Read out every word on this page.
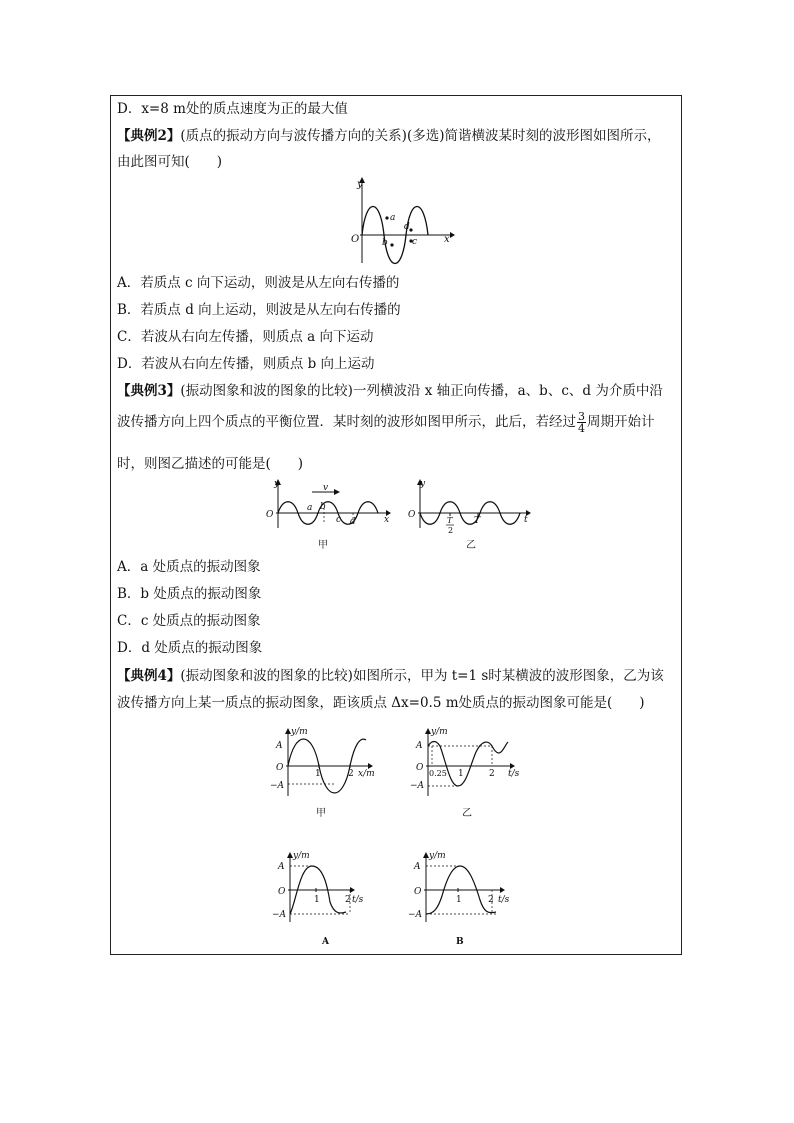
D．x=8 m处的质点速度为正的最大值
【典例2】(质点的振动方向与波传播方向的关系)(多选)简谐横波某时刻的波形图如图所示，
由此图可知(　　)
y
x
O
a
b	c
d
A．若质点 c 向下运动，则波是从左向右传播的
B．若质点 d 向上运动，则波是从左向右传播的
C．若波从右向左传播，则质点 a 向下运动
D．若波从右向左传播，则质点 b 向上运动
【典例3】(振动图象和波的图象的比较)一列横波沿 x 轴正向传播，a、b、c、d 为介质中沿
波传播方向上四个质点的平衡位置．某时刻的波形如图甲所示，此后，若经过 $\frac{3}{4}$ 周期开始计
时，则图乙描述的可能是(　　)
y
O	x
v
a b
c d
甲
y
O	t
T
2
T
乙
A．a 处质点的振动图象
B．b 处质点的振动图象
C．c 处质点的振动图象
D．d 处质点的振动图象
【典例4】(振动图象和波的图象的比较)如图所示，甲为 t=1 s时某横波的波形图象，乙为该
波传播方向上某一质点的振动图象，距该质点 Δx=0.5 m处质点的振动图象可能是(　　)
y/m
A
O
−A
1	2 x/m
甲
y/m
A
O
−A
0.25 1	2 t/s
乙
y/m
A
O
−A
1	2 t/s
A
y/m
A
O
−A
1	2 t/s
B
